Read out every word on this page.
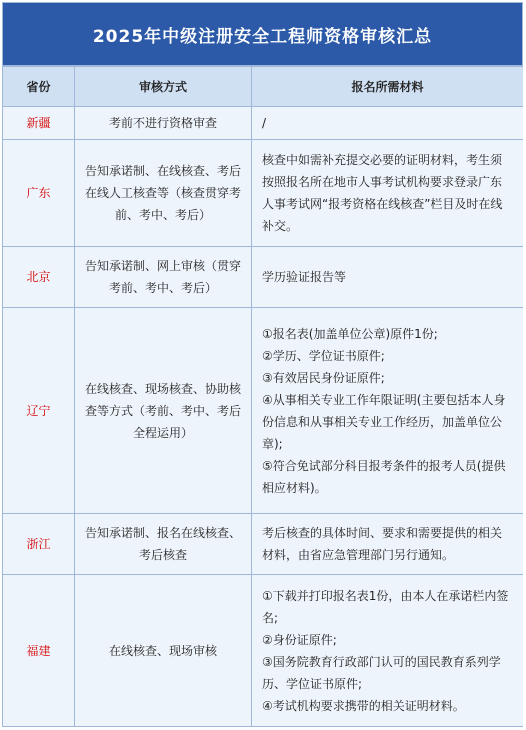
2025年中级注册安全工程师资格审核汇总
省份	审核方式	报名所需材料
新疆	考前不进行资格审查	/

广东	告知承诺制、在线核查、考后在线人工核查等（核查贯穿考前、考中、考后）	核查中如需补充提交必要的证明材料，考生须按照报名所在地市人事考试机构要求登录广东人事考试网“报考资格在线核查”栏目及时在线补交。

北京	告知承诺制、网上审核（贯穿考前、考中、考后）	学历验证报告等

辽宁	在线核查、现场核查、协助核查等方式（考前、考中、考后全程运用）	①报名表(加盖单位公章)原件1份;
②学历、学位证书原件;
③有效居民身份证原件;
④从事相关专业工作年限证明(主要包括本人身份信息和从事相关专业工作经历，加盖单位公章);
⑤符合免试部分科目报考条件的报考人员(提供相应材料)。

浙江	告知承诺制、报名在线核查、考后核查	考后核查的具体时间、要求和需要提供的相关材料，由省应急管理部门另行通知。

福建	在线核查、现场审核	①下载并打印报名表1份，由本人在承诺栏内签名;
②身份证原件;
③国务院教育行政部门认可的国民教育系列学历、学位证书原件;
④考试机构要求携带的相关证明材料。
